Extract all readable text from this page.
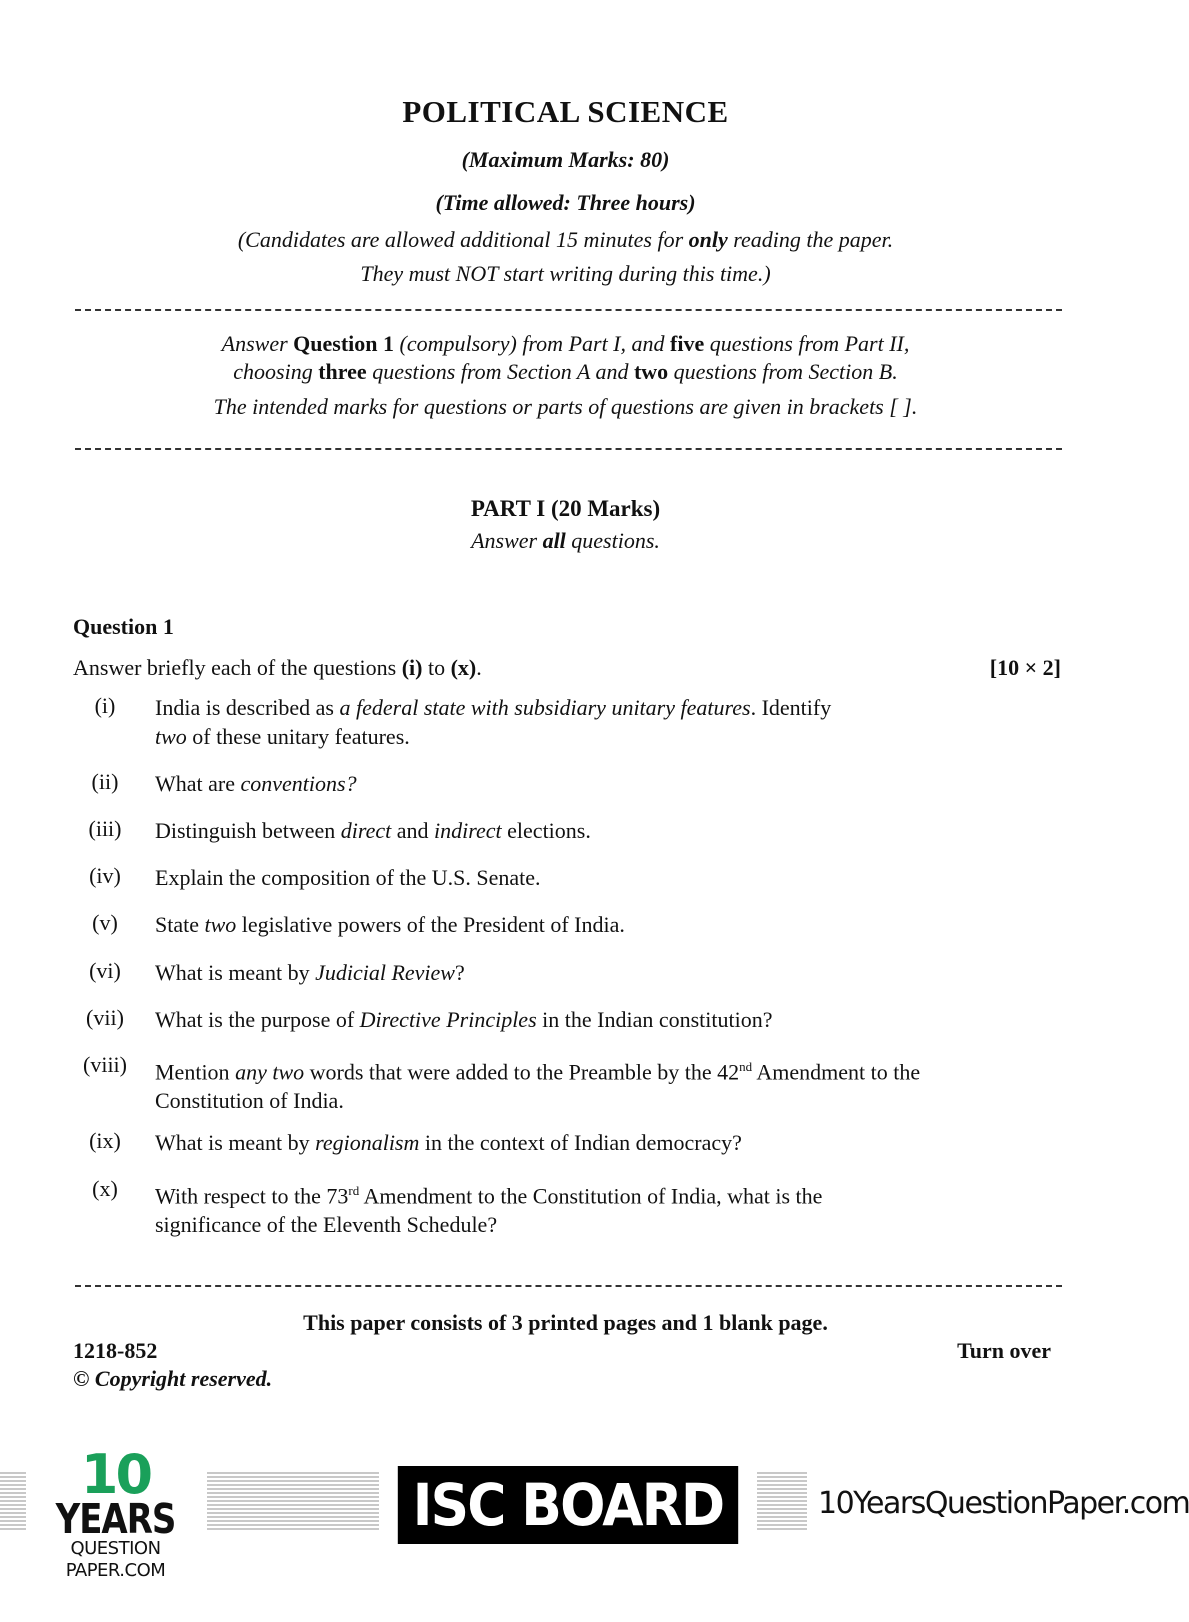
POLITICAL SCIENCE
(Maximum Marks: 80)
(Time allowed: Three hours)
(Candidates are allowed additional 15 minutes for only reading the paper.
They must NOT start writing during this time.)
Answer Question 1 (compulsory) from Part I, and five questions from Part II,
choosing three questions from Section A and two questions from Section B.
The intended marks for questions or parts of questions are given in brackets [ ].
PART I (20 Marks)
Answer all questions.
Question 1
Answer briefly each of the questions (i) to (x).	[10 × 2]
(i)	India is described as a federal state with subsidiary unitary features. Identify
two of these unitary features.
(ii)	What are conventions?
(iii)	Distinguish between direct and indirect elections.
(iv)	Explain the composition of the U.S. Senate.
(v)	State two legislative powers of the President of India.
(vi)	What is meant by Judicial Review?
(vii)	What is the purpose of Directive Principles in the Indian constitution?
(viii)	Mention any two words that were added to the Preamble by the 42nd Amendment to the Constitution of India.
(ix)	What is meant by regionalism in the context of Indian democracy?
(x)	With respect to the 73rd Amendment to the Constitution of India, what is the significance of the Eleventh Schedule?
This paper consists of 3 printed pages and 1 blank page.
1218-852
© Copyright reserved.
Turn over
10
YEARS
QUESTION PAPER.COM
ISC BOARD XII
10YearsQuestionPaper.com
